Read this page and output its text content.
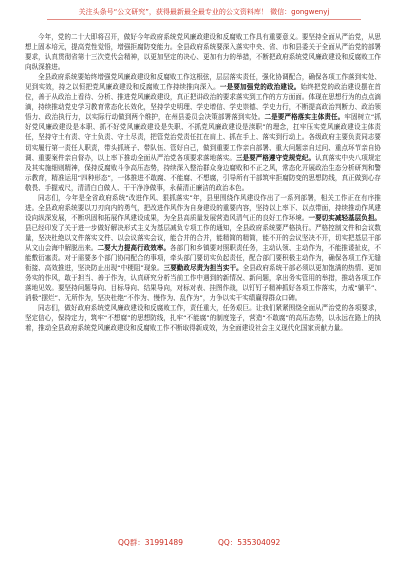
关注头条号“公文研究”，获得最新最全最专业的公文资料库！ 微信：gongwenyj

今年，党的二十大即将召开，做好今年政府系统党风廉政建设和反腐败工作具有重要意义。要坚持全面从严治党，从思想上固本培元，提高党性觉悟，增强拒腐防变能力。全县政府系统要深入落实中央、省、市和县委关于全面从严治党的部署要求，认真贯彻省第十三次党代会精神，以更加坚定的决心、更加有力的举措，不断把政府系统党风廉政建设和反腐败工作向纵深推进。

全县政府系统要始终增强党风廉政建设和反腐败工作这根弦，层层落实责任，强化协调配合，确保各项工作落到实处、见到实效，持之以恒把党风廉政建设和反腐败工作持续推向深入。一是要加强党的政治建设。始终把党的政治建设摆在首位，善于从政治上看待、分析、推进党风廉政建设，真正把讲政治的要求落实到工作的方方面面。体现在思想行为的点点滴滴，持续推动党史学习教育常态化长效化，坚持学史明理、学史增信、学史崇德、学史力行，不断提高政治判断力、政治领悟力、政治执行力，以实际行动做到两个维护，在州县委员会决策部署落到实处。二是要严格落实主体责任。牢固树立“抓好党风廉政建设是本职、抓不好党风廉政建设是失职、不抓党风廉政建设是渎职”的理念，扛牢压实党风廉政建设主体责任，坚持守土有责、守土负责、守土尽责，把管党治党责任扛在肩上、抓在手上、落实到行动上。各级政府主要负责同志要切实履行第一责任人职责，带头抓班子、带队伍、管好自己，做到重要工作亲自部署、重大问题亲自过问、重点环节亲自协调、重要案件亲自督办，以上率下推动全面从严治党各项要求落地落实。三是要严格遵守党规党纪。认真落实中央八项规定及其实施细则精神，保持反腐败斗争高压态势，持续深入整治群众身边腐败和不正之风，常态化开展政治生态分析研判和警示教育，精准运用“四种形态”，一体推进不敢腐、不能腐、不想腐，引导所有干部筑牢拒腐防变的思想防线，真正做到心存敬畏、手握戒尺，清清白白做人、干干净净做事，永葆清正廉洁的政治本色。

同志们，今年是全省政府系统“改进作风、狠抓落实”年，县里围绕作风建设作出了一系列部署，相关工作正在有序推进。全县政府系统要以刀刃向内的勇气，把改进作风作为自身建设的重要内容，坚持以上率下、以点带面，持续推动作风建设向纵深发展，不断巩固和拓展作风建设成果，为全县高质量发展营造风清气正的良好工作环境。一要切实减轻基层负担。县已经印发了关于进一步做好解决形式主义为基层减负专项工作的通知，全县政府系统要严格执行。严格控制文件和会议数量，坚决杜绝以文件落实文件、以会议落实会议，能合并的合并，能精简的精简，能不开的会议坚决不开，切实把基层干部从文山会海中解脱出来。二要大力提高行政效率。各部门和乡镇要对照职责任务，主动认领、主动作为，不能推诿扯皮，不能敷衍塞责。对于需要多个部门协同配合的事项，牵头部门要切实负起责任，配合部门要积极主动作为，确保各项工作无缝衔接、高效推进，坚决防止出现“中梗阻”现象。三要勤政尽责为担当实干。全县政府系统干部必须以更加饱满的热情、更加务实的作风，敢于担当、善于作为，认真研究分析当前工作中遇到的新情况、新问题，拿出务实管用的举措，推动各项工作落地见效。要坚持问题导向、目标导向、结果导向，对标对表、挂图作战，以钉钉子精神抓好各项工作落实，力戒“躺平”、消极“摆烂”、无所作为，坚决杜绝“不作为、慢作为、乱作为”，力争以实干实绩赢得群众口碑。

同志们，做好政府系统党风廉政建设和反腐败工作，责任重大，任务艰巨。让我们紧紧围绕全面从严治党的各项要求，坚定信心，保持定力，筑牢“不想腐”的思想防线，扎牢“不能腐”的制度笼子，营造“不敢腐”的高压态势，以永远在路上的执着，推动全县政府系统党风廉政建设和反腐败工作不断取得新成效，为全面建设社会主义现代化国家贡献力量。

QQ群：31991489	QQ：535304092
